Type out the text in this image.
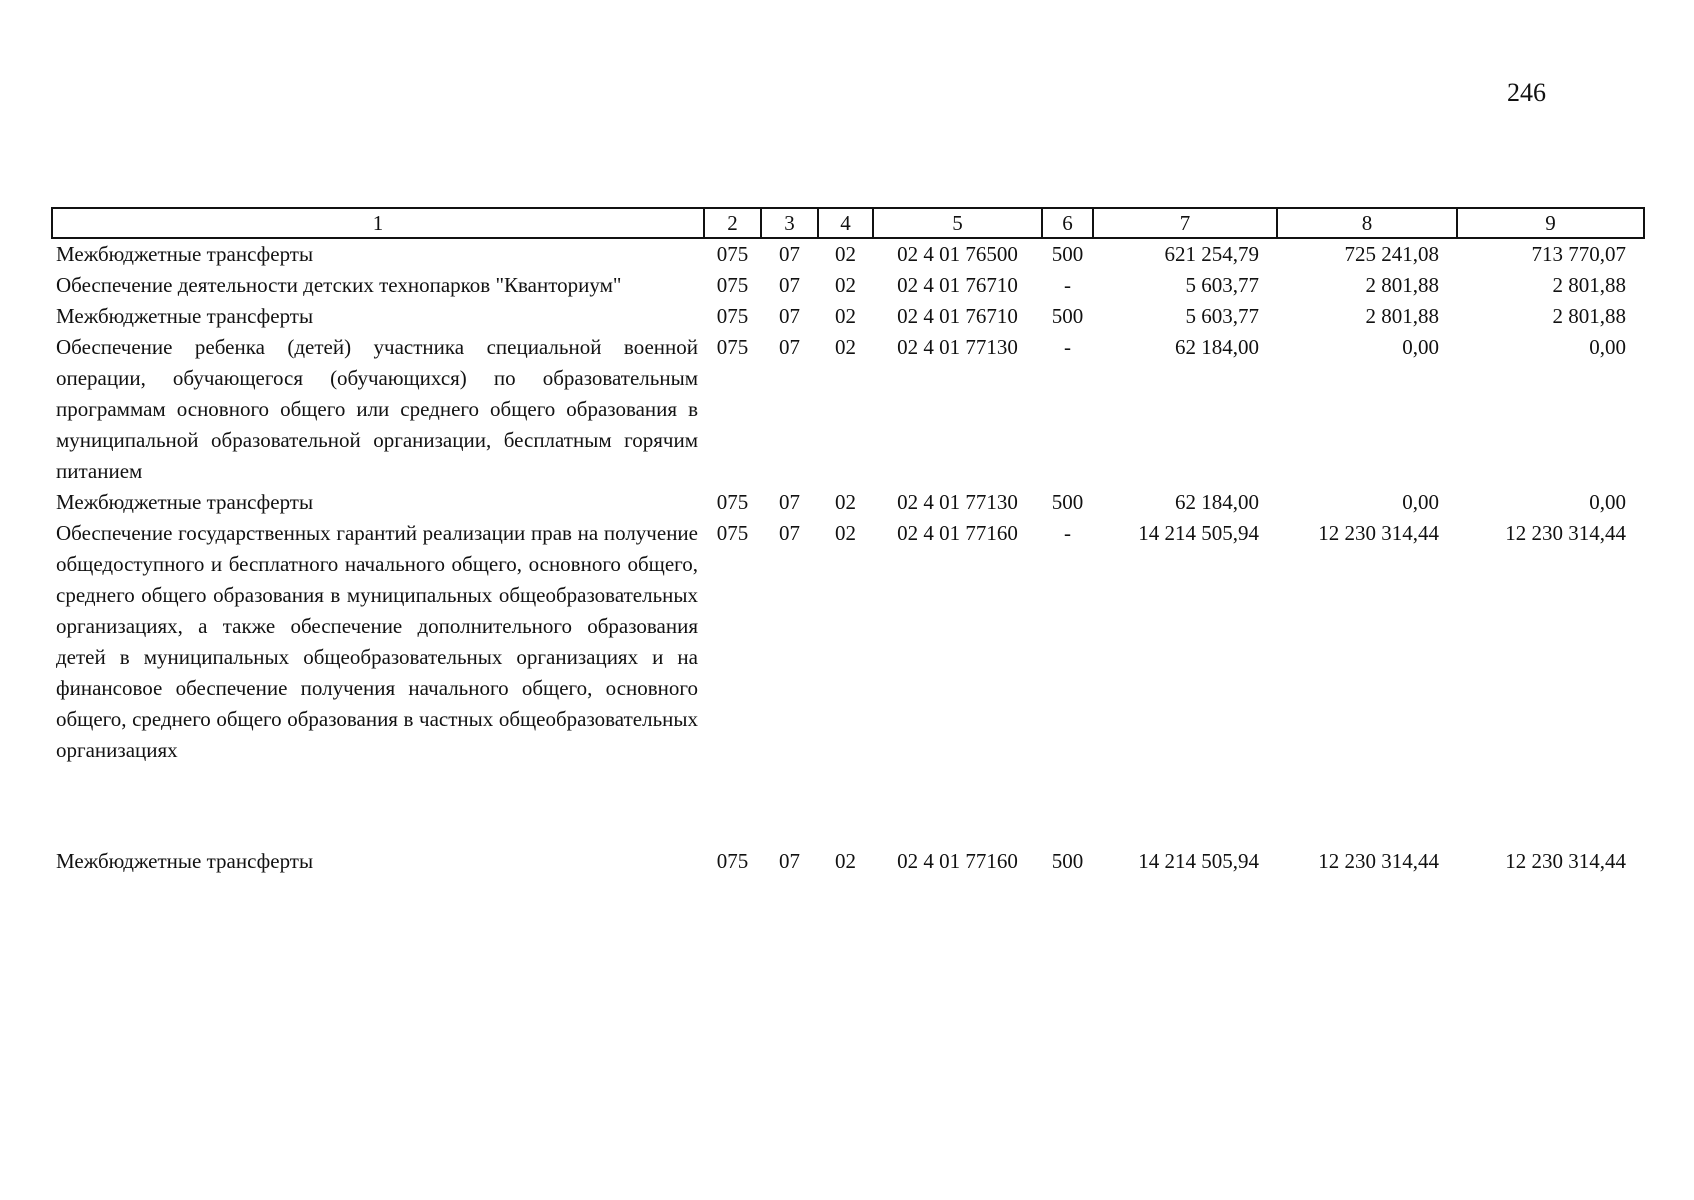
246
1	2	3	4	5	6	7	8	9
Межбюджетные трансферты	075	07	02	02 4 01 76500	500	621 254,79	725 241,08	713 770,07
Обеспечение деятельности детских технопарков "Кванториум"	075	07	02	02 4 01 76710	-	5 603,77	2 801,88	2 801,88
Межбюджетные трансферты	075	07	02	02 4 01 76710	500	5 603,77	2 801,88	2 801,88
Обеспечение ребенка (детей) участника специальной военной операции, обучающегося (обучающихся) по образовательным программам основного общего или среднего общего образования в муниципальной образовательной организации, бесплатным горячим питанием	075	07	02	02 4 01 77130	-	62 184,00	0,00	0,00
Межбюджетные трансферты	075	07	02	02 4 01 77130	500	62 184,00	0,00	0,00
Обеспечение государственных гарантий реализации прав на получение общедоступного и бесплатного начального общего, основного общего, среднего общего образования в муниципальных общеобразовательных организациях, а также обеспечение дополнительного образования детей в муниципальных общеобразовательных организациях и на финансовое обеспечение получения начального общего, основного общего, среднего общего образования в частных общеобразовательных организациях	075	07	02	02 4 01 77160	-	14 214 505,94	12 230 314,44	12 230 314,44

Межбюджетные трансферты	075	07	02	02 4 01 77160	500	14 214 505,94	12 230 314,44	12 230 314,44
